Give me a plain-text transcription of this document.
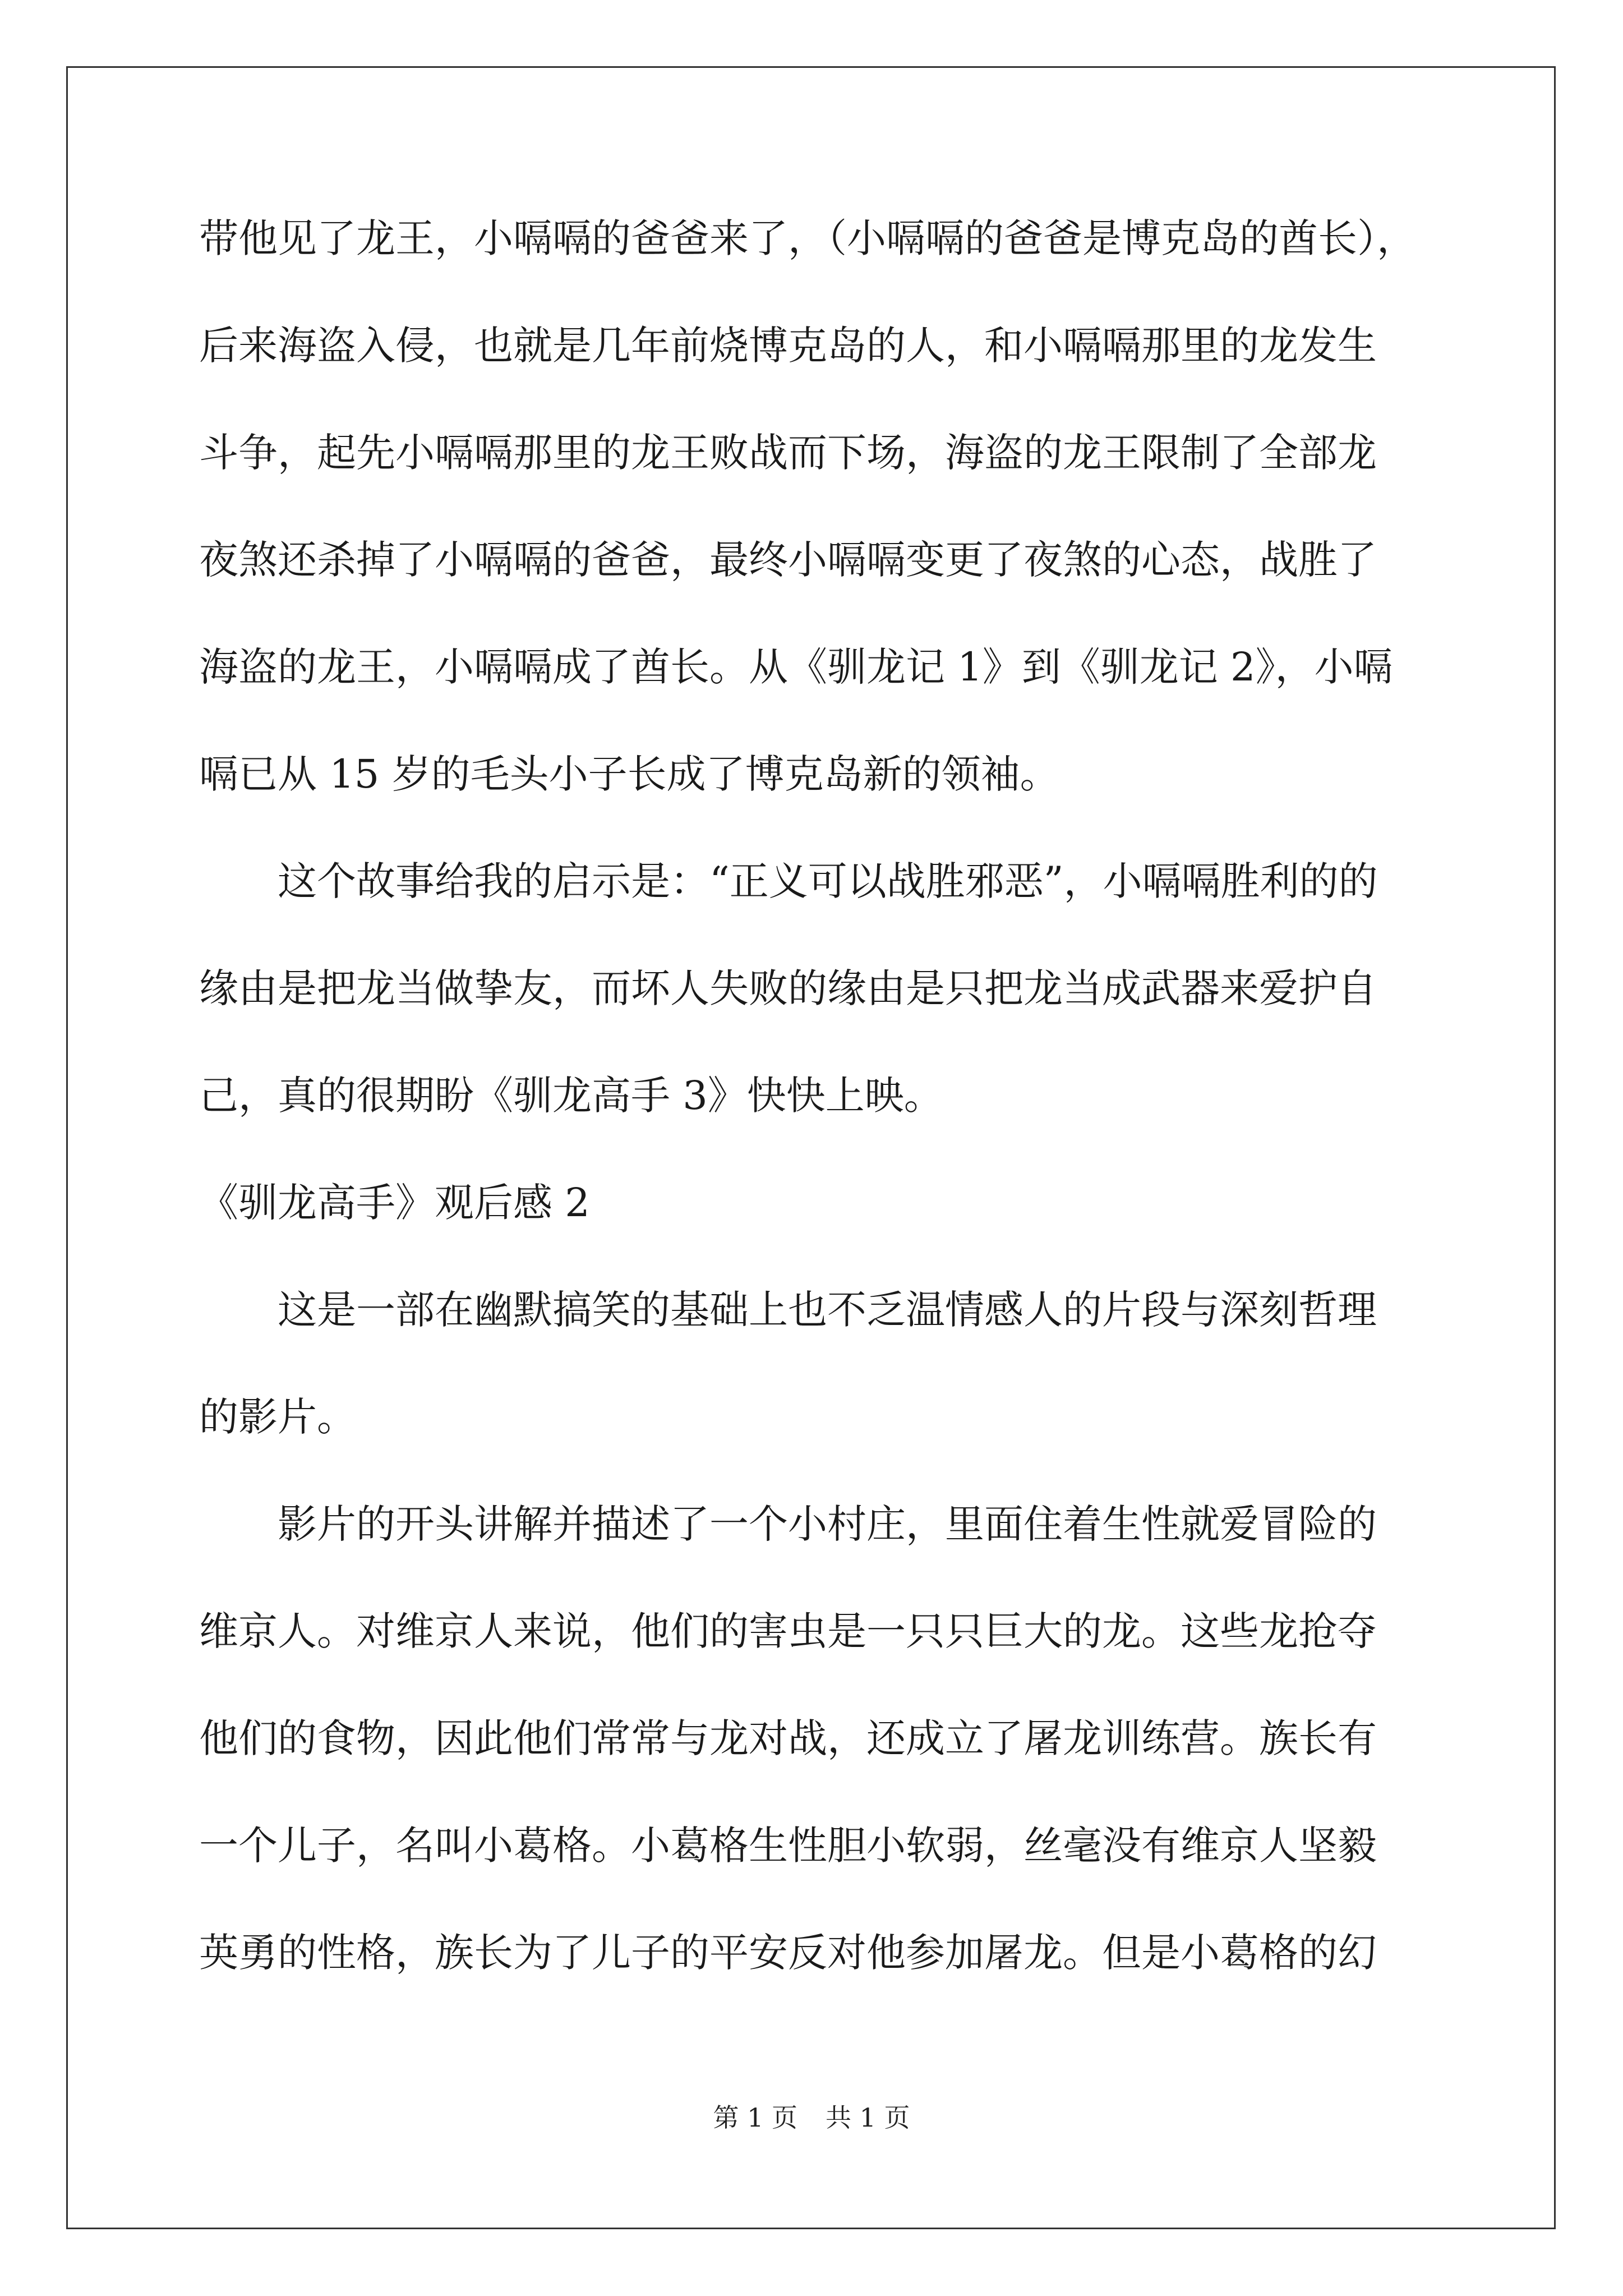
带他见了龙王，小嗝嗝的爸爸来了，（小嗝嗝的爸爸是博克岛的酋长），
后来海盗入侵，也就是几年前烧博克岛的人，和小嗝嗝那里的龙发生
斗争，起先小嗝嗝那里的龙王败战而下场，海盗的龙王限制了全部龙
夜煞还杀掉了小嗝嗝的爸爸，最终小嗝嗝变更了夜煞的心态，战胜了
海盗的龙王，小嗝嗝成了酋长。从《驯龙记 1》到《驯龙记 2》，小嗝
嗝已从 15 岁的毛头小子长成了博克岛新的领袖。
这个故事给我的启示是：“正义可以战胜邪恶”，小嗝嗝胜利的的
缘由是把龙当做挚友，而坏人失败的缘由是只把龙当成武器来爱护自
己，真的很期盼《驯龙高手 3》快快上映。
《驯龙高手》观后感 2
这是一部在幽默搞笑的基础上也不乏温情感人的片段与深刻哲理
的影片。
影片的开头讲解并描述了一个小村庄，里面住着生性就爱冒险的
维京人。对维京人来说，他们的害虫是一只只巨大的龙。这些龙抢夺
他们的食物，因此他们常常与龙对战，还成立了屠龙训练营。族长有
一个儿子，名叫小葛格。小葛格生性胆小软弱，丝毫没有维京人坚毅
英勇的性格，族长为了儿子的平安反对他参加屠龙。但是小葛格的幻
第 1 页 共 1 页
